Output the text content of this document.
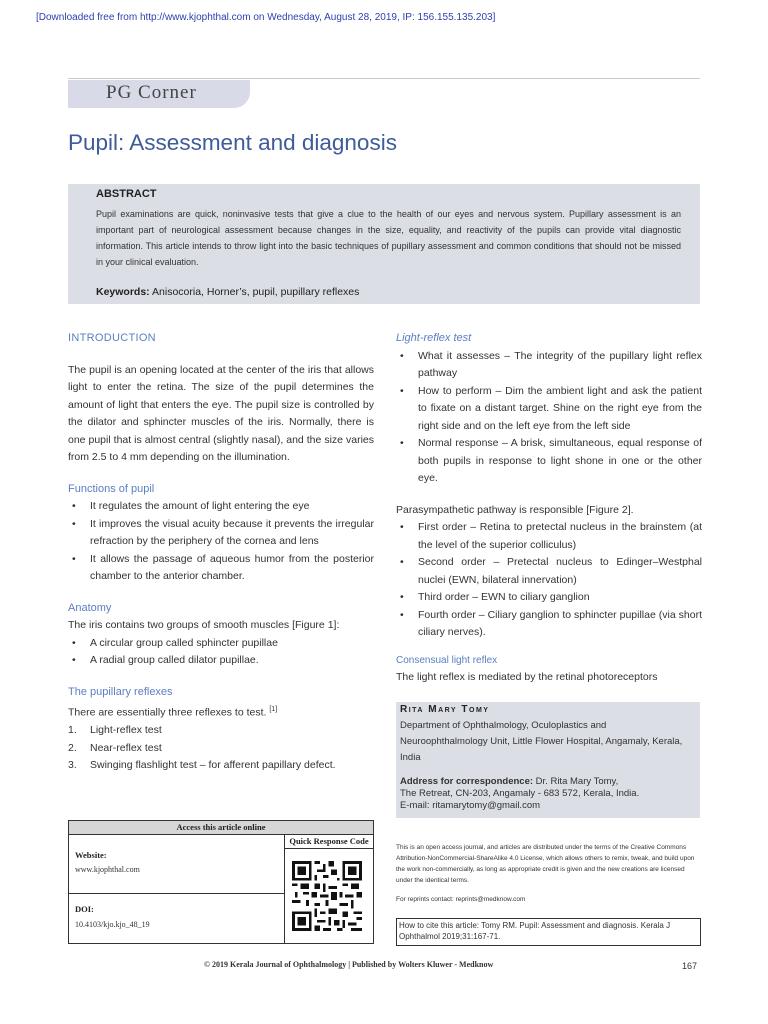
[Downloaded free from http://www.kjophthal.com on Wednesday, August 28, 2019, IP: 156.155.135.203]
PG Corner
Pupil: Assessment and diagnosis
ABSTRACT
Pupil examinations are quick, noninvasive tests that give a clue to the health of our eyes and nervous system. Pupillary assessment is an important part of neurological assessment because changes in the size, equality, and reactivity of the pupils can provide vital diagnostic information. This article intends to throw light into the basic techniques of pupillary assessment and common conditions that should not be missed in your clinical evaluation.
Keywords: Anisocoria, Horner’s, pupil, pupillary reflexes

INTRODUCTION

The pupil is an opening located at the center of the iris that allows light to enter the retina. The size of the pupil determines the amount of light that enters the eye. The pupil size is controlled by the dilator and sphincter muscles of the iris. Normally, there is one pupil that is almost central (slightly nasal), and the size varies from 2.5 to 4 mm depending on the illumination.

Functions of pupil

• It regulates the amount of light entering the eye
• It improves the visual acuity because it prevents the irregular refraction by the periphery of the cornea and lens
• It allows the passage of aqueous humor from the posterior chamber to the anterior chamber.

Anatomy

The iris contains two groups of smooth muscles [Figure 1]:

• A circular group called sphincter pupillae
• A radial group called dilator pupillae.

The pupillary reflexes

There are essentially three reflexes to test. [1]

1. Light-reflex test
2. Near-reflex test
3. Swinging flashlight test – for afferent papillary defect.

Light-reflex test

• What it assesses – The integrity of the pupillary light reflex pathway
• How to perform – Dim the ambient light and ask the patient to fixate on a distant target. Shine on the right eye from the right side and on the left eye from the left side
• Normal response – A brisk, simultaneous, equal response of both pupils in response to light shone in one or the other eye.

Parasympathetic pathway is responsible [Figure 2].

• First order – Retina to pretectal nucleus in the brainstem (at the level of the superior colliculus)
• Second order – Pretectal nucleus to Edinger–Westphal nuclei (EWN, bilateral innervation)
• Third order – EWN to ciliary ganglion
• Fourth order – Ciliary ganglion to sphincter pupillae (via short ciliary nerves).

Consensual light reflex

The light reflex is mediated by the retinal photoreceptors

Rita Mary Tomy
Department of Ophthalmology, Oculoplastics and Neuroophthalmology Unit, Little Flower Hospital, Angamaly, Kerala, India
Address for correspondence: Dr. Rita Mary Tomy,
The Retreat, CN-203, Angamaly - 683 572, Kerala, India.
E-mail: ritamarytomy@gmail.com
Access this article online
Quick Response Code
Website:
www.kjophthal.com
DOI:
10.4103/kjo.kjo_48_19
This is an open access journal, and articles are distributed under the terms of the Creative Commons Attribution-NonCommercial-ShareAlike 4.0 License, which allows others to remix, tweak, and build upon the work non-commercially, as long as appropriate credit is given and the new creations are licensed under the identical terms.
For reprints contact: reprints@medknow.com
How to cite this article: Tomy RM. Pupil: Assessment and diagnosis. Kerala J Ophthalmol 2019;31:167-71.
© 2019 Kerala Journal of Ophthalmology | Published by Wolters Kluwer - Medknow	167
